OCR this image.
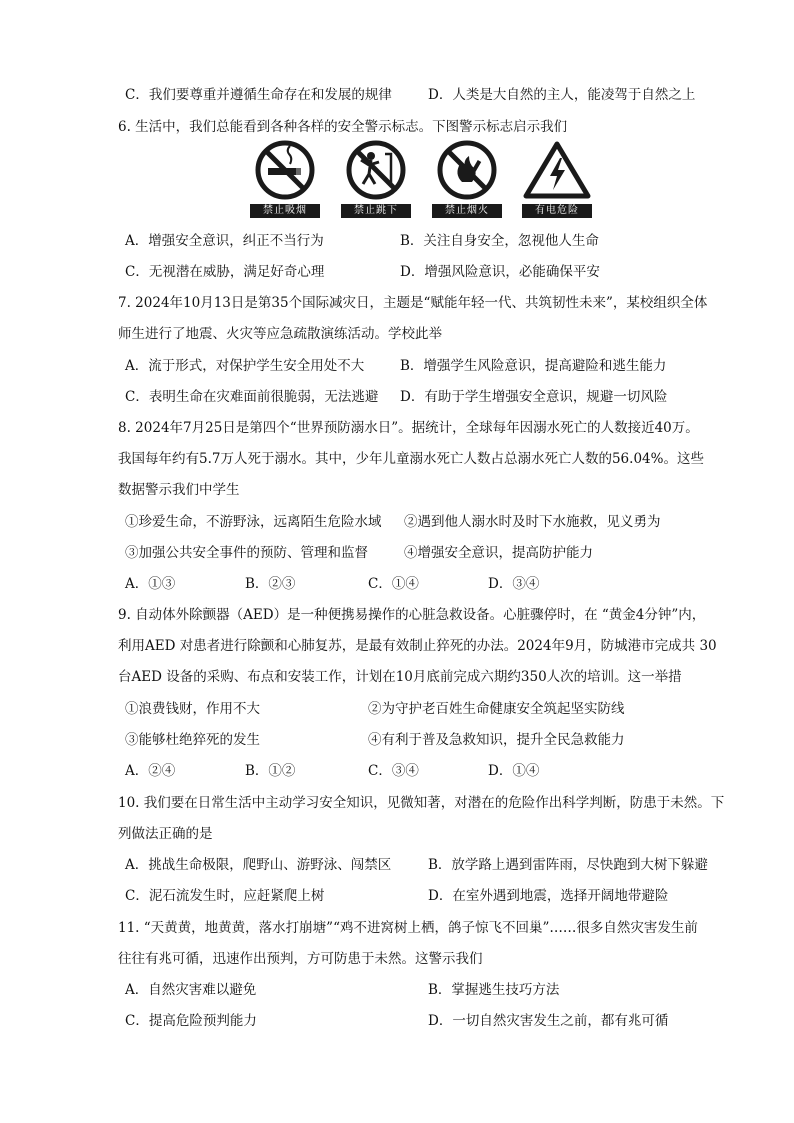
C．我们要尊重并遵循生命存在和发展的规律	D．人类是大自然的主人，能凌驾于自然之上
6. 生活中，我们总能看到各种各样的安全警示标志。下图警示标志启示我们
禁止吸烟	禁止跳下	禁止烟火	有电危险
A．增强安全意识，纠正不当行为	B．关注自身安全，忽视他人生命
C．无视潜在威胁，满足好奇心理	D．增强风险意识，必能确保平安
7. 2024年10月13日是第35个国际减灾日，主题是“赋能年轻一代、共筑韧性未来”，某校组织全体
师生进行了地震、火灾等应急疏散演练活动。学校此举
A．流于形式，对保护学生安全用处不大	B．增强学生风险意识，提高避险和逃生能力
C．表明生命在灾难面前很脆弱，无法逃避 D．有助于学生增强安全意识，规避一切风险
8. 2024年7月25日是第四个“世界预防溺水日”。据统计，全球每年因溺水死亡的人数接近40万。
我国每年约有5.7万人死于溺水。其中，少年儿童溺水死亡人数占总溺水死亡人数的56.04%。这些
数据警示我们中学生
①珍爱生命，不游野泳，远离陌生危险水域 ②遇到他人溺水时及时下水施救，见义勇为
③加强公共安全事件的预防、管理和监督	④增强安全意识，提高防护能力
A．①③	B．②③	C．①④	D．③④
9. 自动体外除颤器（AED）是一种便携易操作的心脏急救设备。心脏骤停时，在 “黄金4分钟”内，
利用AED 对患者进行除颤和心肺复苏，是最有效制止猝死的办法。2024年9月，防城港市完成共 30
台AED 设备的采购、布点和安装工作，计划在10月底前完成六期约350人次的培训。这一举措
①浪费钱财，作用不大	②为守护老百姓生命健康安全筑起坚实防线
③能够杜绝猝死的发生	④有利于普及急救知识，提升全民急救能力
A．②④	B．①②	C．③④	D．①④
10. 我们要在日常生活中主动学习安全知识，见微知著，对潜在的危险作出科学判断，防患于未然。下
列做法正确的是
A．挑战生命极限，爬野山、游野泳、闯禁区	B．放学路上遇到雷阵雨，尽快跑到大树下躲避
C．泥石流发生时，应赶紧爬上树	D．在室外遇到地震，选择开阔地带避险
11. “天黄黄，地黄黄，落水打崩塘”“鸡不进窝树上栖，鸽子惊飞不回巢”……很多自然灾害发生前
往往有兆可循，迅速作出预判，方可防患于未然。这警示我们
A．自然灾害难以避免	B．掌握逃生技巧方法
C．提高危险预判能力	D．一切自然灾害发生之前，都有兆可循
